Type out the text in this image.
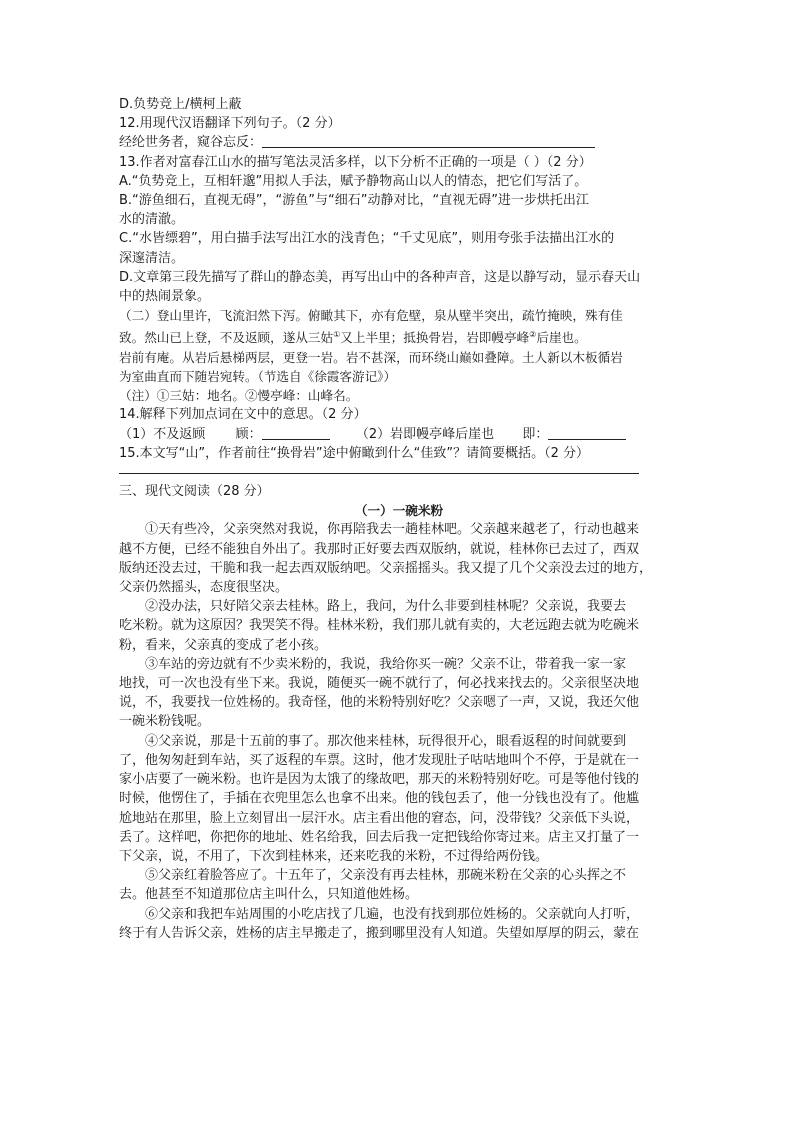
D.负势竞上/横柯上蔽
12.用现代汉语翻译下列句子。（2 分）
经纶世务者，窥谷忘反：
13.作者对富春江山水的描写笔法灵活多样，以下分析不正确的一项是（ ）（2 分）
A.“负势竞上，互相轩邈”用拟人手法，赋予静物高山以人的情态，把它们写活了。
B.“游鱼细石，直视无碍”，“游鱼”与“细石”动静对比，“直视无碍”进一步烘托出江
水的清澈。
C.“水皆缥碧”，用白描手法写出江水的浅青色；“千丈见底”，则用夸张手法描出江水的
深邃清洁。
D.文章第三段先描写了群山的静态美，再写出山中的各种声音，这是以静写动，显示春天山
中的热闹景象。
（二）登山里许，飞流汩然下泻。俯瞰其下，亦有危壁，泉从壁半突出，疏竹掩映，殊有佳
致。然山已上登，不及返顾，遂从三姑①又上半里；抵换骨岩，岩即幔亭峰②后崖也。
岩前有庵。从岩后悬梯两层，更登一岩。岩不甚深，而环绕山巅如叠障。土人新以木板循岩
为室曲直而下随岩宛转。（节选自《徐霞客游记》）
（注）①三姑：地名。②慢亭峰：山峰名。
14.解释下列加点词在文中的意思。（2 分）
（1）不及返顾 顾：	（2）岩即幔亭峰后崖也 即：
15.本文写“山”，作者前往“换骨岩”途中俯瞰到什么“佳致”？请简要概括。（2 分）
三、现代文阅读（28 分）
（一）一碗米粉
①天有些冷，父亲突然对我说，你再陪我去一趟桂林吧。父亲越来越老了，行动也越来
越不方便，已经不能独自外出了。我那时正好要去西双版纳，就说，桂林你已去过了，西双
版纳还没去过，干脆和我一起去西双版纳吧。父亲摇摇头。我又提了几个父亲没去过的地方，
父亲仍然摇头，态度很坚决。
②没办法，只好陪父亲去桂林。路上，我问，为什么非要到桂林呢？父亲说，我要去
吃米粉。就为这原因？我哭笑不得。桂林米粉，我们那儿就有卖的，大老远跑去就为吃碗米
粉，看来，父亲真的变成了老小孩。
③车站的旁边就有不少卖米粉的，我说，我给你买一碗？父亲不让，带着我一家一家
地找，可一次也没有坐下来。我说，随便买一碗不就行了，何必找来找去的。父亲很坚决地
说，不，我要找一位姓杨的。我奇怪，他的米粉特别好吃？父亲嗯了一声，又说，我还欠他
一碗米粉钱呢。
④父亲说，那是十五前的事了。那次他来桂林，玩得很开心，眼看返程的时间就要到
了，他匆匆赶到车站，买了返程的车票。这时，他才发现肚子咕咕地叫个不停，于是就在一
家小店要了一碗米粉。也许是因为太饿了的缘故吧，那天的米粉特别好吃。可是等他付钱的
时候，他愣住了，手插在衣兜里怎么也拿不出来。他的钱包丢了，他一分钱也没有了。他尴
尬地站在那里，脸上立刻冒出一层汗水。店主看出他的窘态，问，没带钱？父亲低下头说，
丢了。这样吧，你把你的地址、姓名给我，回去后我一定把钱给你寄过来。店主又打量了一
下父亲，说，不用了，下次到桂林来，还来吃我的米粉，不过得给两份钱。
⑤父亲红着脸答应了。十五年了，父亲没有再去桂林，那碗米粉在父亲的心头挥之不
去。他甚至不知道那位店主叫什么，只知道他姓杨。
⑥父亲和我把车站周围的小吃店找了几遍，也没有找到那位姓杨的。父亲就向人打听，
终于有人告诉父亲，姓杨的店主早搬走了，搬到哪里没有人知道。失望如厚厚的阴云，蒙在
